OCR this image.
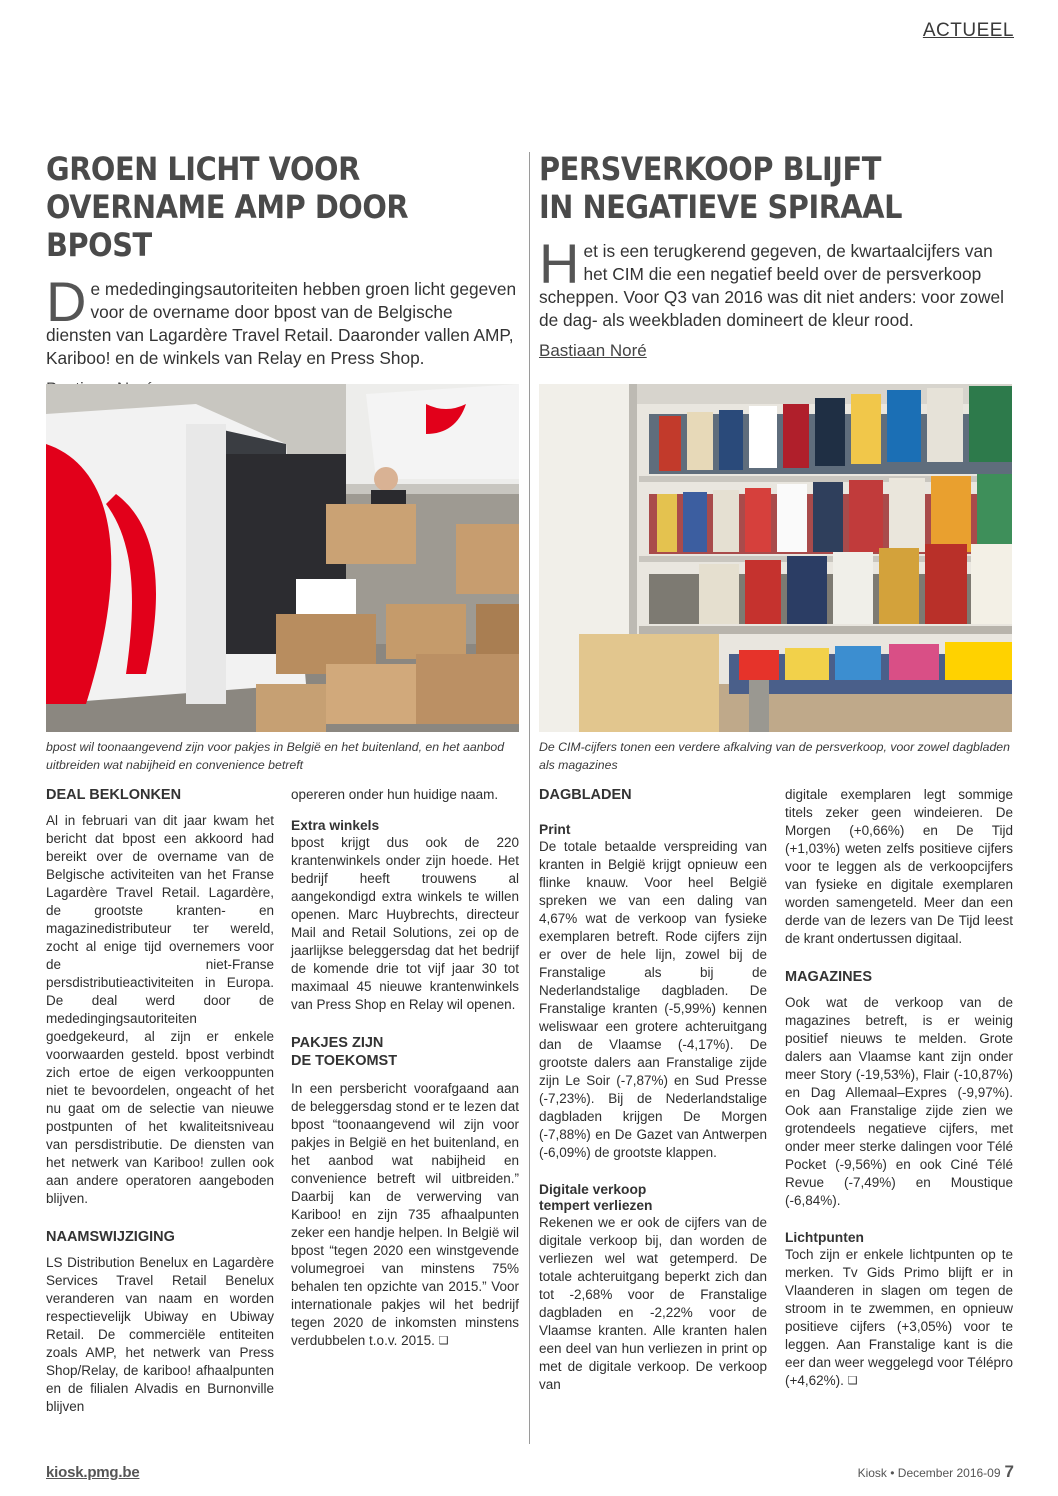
ACTUEEL
GROEN LICHT VOOR
OVERNAME AMP DOOR BPOST
De mededingingsautoriteiten hebben groen licht gegeven voor de overname door bpost van de Belgische diensten van Lagardère Travel Retail. Daaronder vallen AMP, Kariboo! en de winkels van Relay en Press Shop.
bpost wil toonaangevend zijn voor pakjes in België en het buitenland, en het aanbod uitbreiden wat nabijheid en convenience betreft
DEAL BEKLONKEN

Al in februari van dit jaar kwam het bericht dat bpost een akkoord had bereikt over de overname van de Belgische activiteiten van het Franse Lagardère Travel Retail. Lagardère, de grootste kranten- en magazinedistributeur ter wereld, zocht al enige tijd overnemers voor de niet-Franse persdistributieactiviteiten in Europa. De deal werd door de mededingingsautoriteiten goedgekeurd, al zijn er enkele voorwaarden gesteld. bpost verbindt zich ertoe de eigen verkooppunten niet te bevoordelen, ongeacht of het nu gaat om de selectie van nieuwe postpunten of het kwaliteitsniveau van persdistributie. De diensten van het netwerk van Kariboo! zullen ook aan andere operatoren aangeboden blijven.

NAAMSWIJZIGING

LS Distribution Benelux en Lagardère Services Travel Retail Benelux veranderen van naam en worden respectievelijk Ubiway en Ubiway Retail. De commerciële entiteiten zoals AMP, het netwerk van Press Shop/Relay, de kariboo! afhaalpunten en de filialen Alvadis en Burnonville blijven

opereren onder hun huidige naam.

Extra winkels

bpost krijgt dus ook de 220 krantenwinkels onder zijn hoede. Het bedrijf heeft trouwens al aangekondigd extra winkels te willen openen. Marc Huybrechts, directeur Mail and Retail Solutions, zei op de jaarlijkse beleggersdag dat het bedrijf de komende drie tot vijf jaar 30 tot maximaal 45 nieuwe krantenwinkels van Press Shop en Relay wil openen.

PAKJES ZIJN
DE TOEKOMST

In een persbericht voorafgaand aan de beleggersdag stond er te lezen dat bpost “toonaangevend wil zijn voor pakjes in België en het buitenland, en het aanbod wat nabijheid en convenience betreft wil uitbreiden.” Daarbij kan de verwerving van Kariboo! en zijn 735 afhaalpunten zeker een handje helpen. In België wil bpost “tegen 2020 een winstgevende volumegroei van minstens 75% behalen ten opzichte van 2015.” Voor internationale pakjes wil het bedrijf tegen 2020 de inkomsten minstens verdubbelen t.o.v. 2015. ❑

PERSVERKOOP BLIJFT
IN NEGATIEVE SPIRAAL
Het is een terugkerend gegeven, de kwartaalcijfers van het CIM die een negatief beeld over de persverkoop scheppen. Voor Q3 van 2016 was dit niet anders: voor zowel de dag- als weekbladen domineert de kleur rood.
Bastiaan Noré
De CIM-cijfers tonen een verdere afkalving van de persverkoop, voor zowel dagbladen als magazines
DAGBLADEN
Print

De totale betaalde verspreiding van kranten in België krijgt opnieuw een flinke knauw. Voor heel België spreken we van een daling van 4,67% wat de verkoop van fysieke exemplaren betreft. Rode cijfers zijn er over de hele lijn, zowel bij de Franstalige als bij de Nederlandstalige dagbladen. De Franstalige kranten (-5,99%) kennen weliswaar een grotere achteruitgang dan de Vlaamse (-4,17%). De grootste dalers aan Franstalige zijde zijn Le Soir (-7,87%) en Sud Presse (-7,23%). Bij de Nederlandstalige dagbladen krijgen De Morgen (-7,88%) en De Gazet van Antwerpen (-6,09%) de grootste klappen.

Digitale verkoop
tempert verliezen

Rekenen we er ook de cijfers van de digitale verkoop bij, dan worden de verliezen wel wat getemperd. De totale achteruitgang beperkt zich dan tot -2,68% voor de Franstalige dagbladen en -2,22% voor de Vlaamse kranten. Alle kranten halen een deel van hun verliezen in print op met de digitale verkoop. De verkoop van

digitale exemplaren legt sommige titels zeker geen windeieren. De Morgen (+0,66%) en De Tijd (+1,03%) weten zelfs positieve cijfers voor te leggen als de verkoopcijfers van fysieke en digitale exemplaren worden samengeteld. Meer dan een derde van de lezers van De Tijd leest de krant ondertussen digitaal.

MAGAZINES

Ook wat de verkoop van de magazines betreft, is er weinig positief nieuws te melden. Grote dalers aan Vlaamse kant zijn onder meer Story (-19,53%), Flair (-10,87%) en Dag Allemaal–Expres (-9,97%). Ook aan Franstalige zijde zien we grotendeels negatieve cijfers, met onder meer sterke dalingen voor Télé Pocket (-9,56%) en ook Ciné Télé Revue (-7,49%) en Moustique (-6,84%).

Lichtpunten

Toch zijn er enkele lichtpunten op te merken. Tv Gids Primo blijft er in Vlaanderen in slagen om tegen de stroom in te zwemmen, en opnieuw positieve cijfers (+3,05%) voor te leggen. Aan Franstalige kant is die eer dan weer weggelegd voor Télépro (+4,62%). ❑

kiosk.pmg.be	Kiosk • December 2016-09 7
